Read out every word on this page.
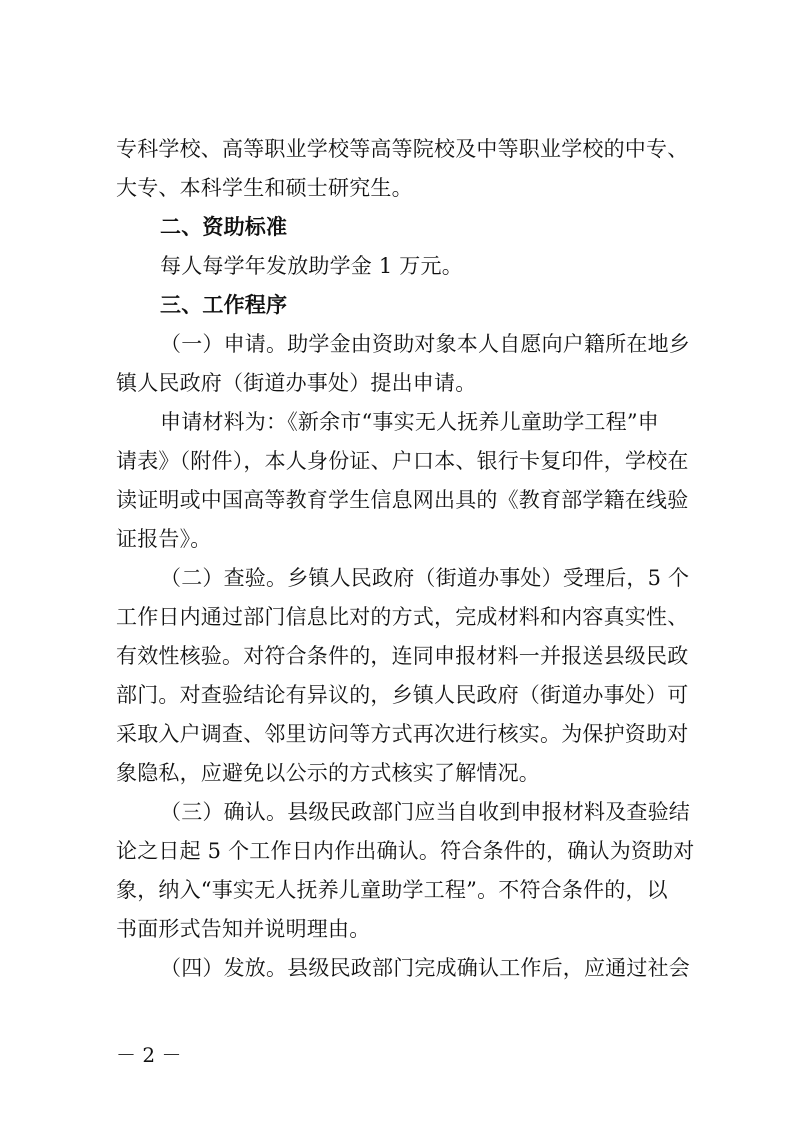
专科学校、高等职业学校等高等院校及中等职业学校的中专、
大专、本科学生和硕士研究生。
二、资助标准
每人每学年发放助学金 1 万元。
三、工作程序
（一）申请。助学金由资助对象本人自愿向户籍所在地乡
镇人民政府（街道办事处）提出申请。
申请材料为：《新余市“事实无人抚养儿童助学工程”申
请表》（附件），本人身份证、户口本、银行卡复印件，学校在
读证明或中国高等教育学生信息网出具的《教育部学籍在线验
证报告》。
（二）查验。乡镇人民政府（街道办事处）受理后，5 个
工作日内通过部门信息比对的方式，完成材料和内容真实性、
有效性核验。对符合条件的，连同申报材料一并报送县级民政
部门。对查验结论有异议的，乡镇人民政府（街道办事处）可
采取入户调查、邻里访问等方式再次进行核实。为保护资助对
象隐私，应避免以公示的方式核实了解情况。
（三）确认。县级民政部门应当自收到申报材料及查验结
论之日起 5 个工作日内作出确认。符合条件的，确认为资助对
象，纳入“事实无人抚养儿童助学工程”。不符合条件的，以
书面形式告知并说明理由。
（四）发放。县级民政部门完成确认工作后，应通过社会
－ 2 －
